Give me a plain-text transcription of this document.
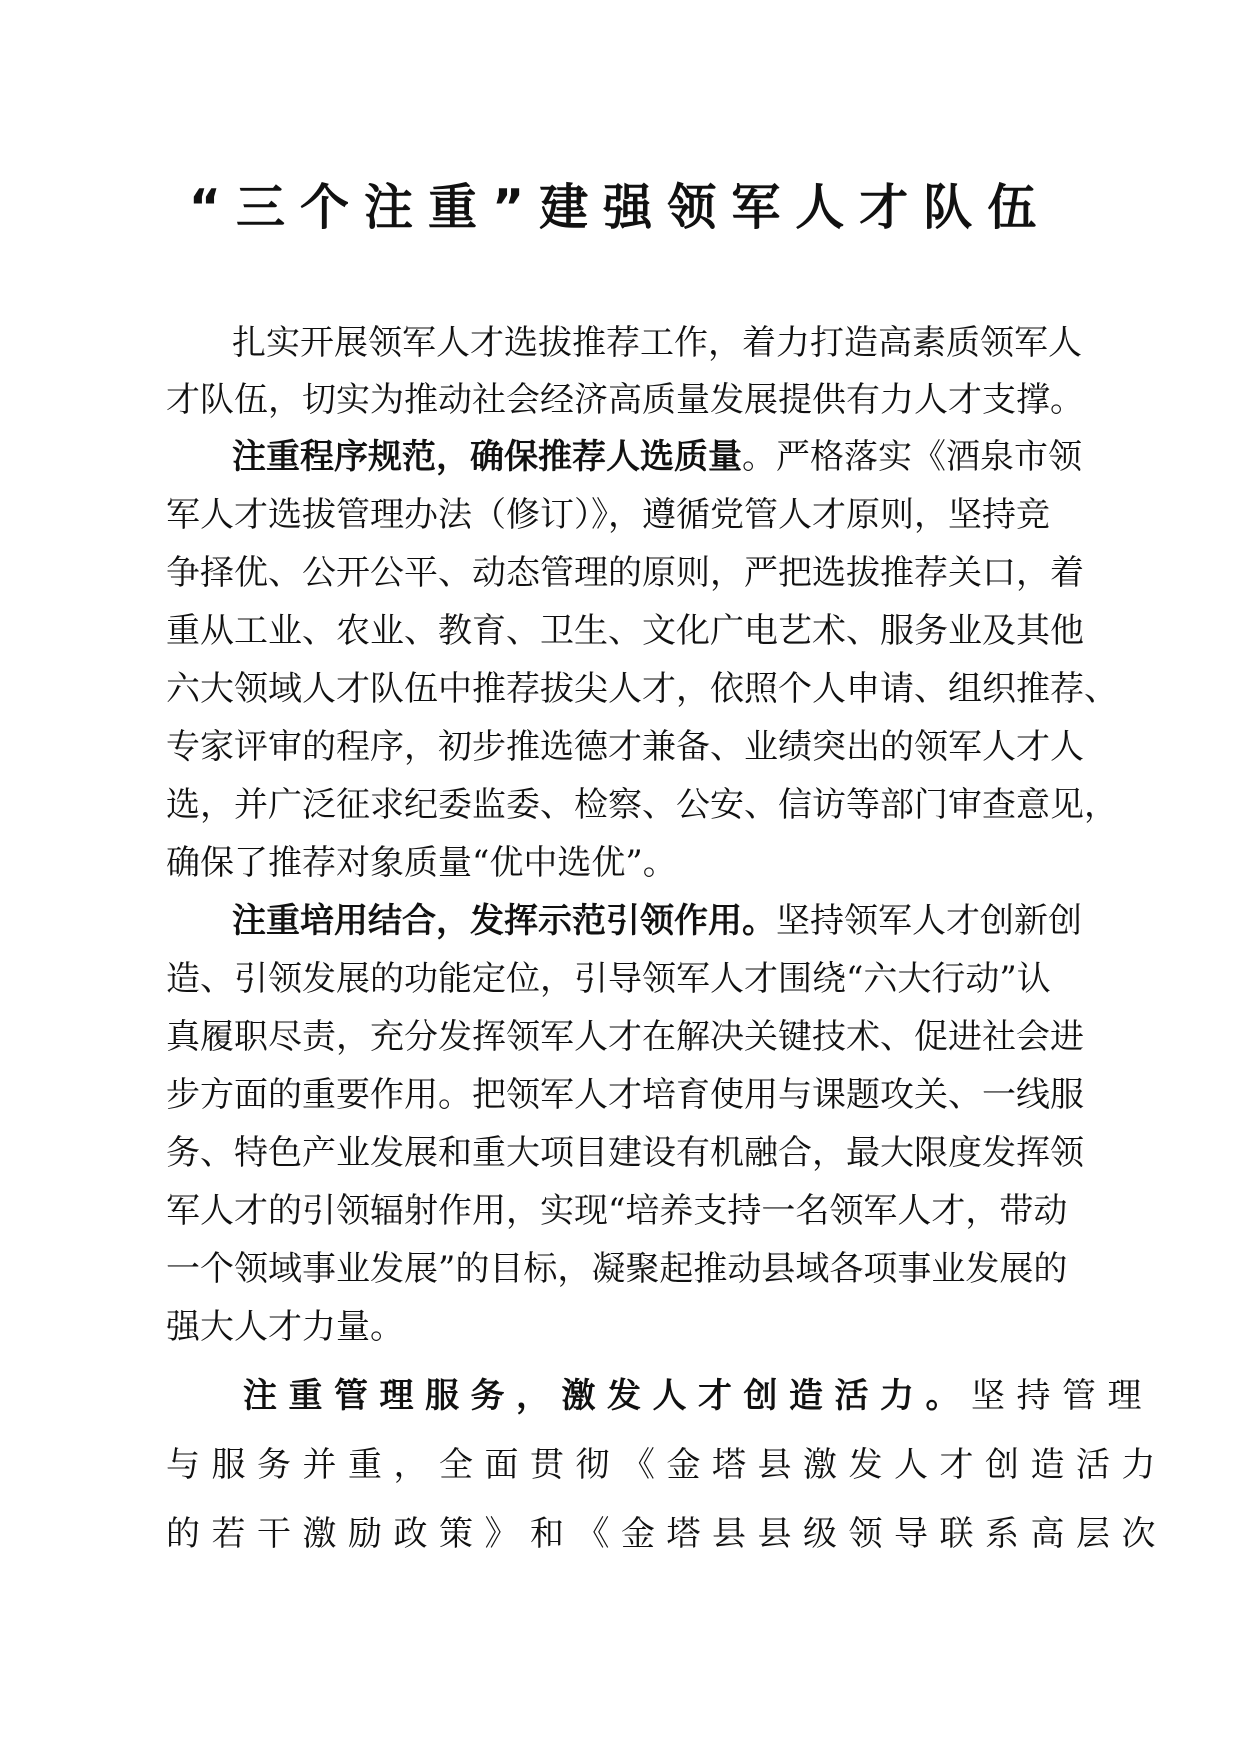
“三个注重”建强领军人才队伍
扎实开展领军人才选拔推荐工作，着力打造高素质领军人
才队伍，切实为推动社会经济高质量发展提供有力人才支撑。
注重程序规范，确保推荐人选质量。严格落实《酒泉市领
军人才选拔管理办法（修订）》，遵循党管人才原则，坚持竞
争择优、公开公平、动态管理的原则，严把选拔推荐关口，着
重从工业、农业、教育、卫生、文化广电艺术、服务业及其他
六大领域人才队伍中推荐拔尖人才，依照个人申请、组织推荐、
专家评审的程序，初步推选德才兼备、业绩突出的领军人才人
选，并广泛征求纪委监委、检察、公安、信访等部门审查意见，
确保了推荐对象质量“优中选优”。
注重培用结合，发挥示范引领作用。坚持领军人才创新创
造、引领发展的功能定位，引导领军人才围绕“六大行动”认
真履职尽责，充分发挥领军人才在解决关键技术、促进社会进
步方面的重要作用。把领军人才培育使用与课题攻关、一线服
务、特色产业发展和重大项目建设有机融合，最大限度发挥领
军人才的引领辐射作用，实现“培养支持一名领军人才，带动
一个领域事业发展”的目标，凝聚起推动县域各项事业发展的
强大人才力量。
注重管理服务，激发人才创造活力。坚持管理
与服务并重，全面贯彻《金塔县激发人才创造活力
的若干激励政策》和《金塔县县级领导联系高层次
